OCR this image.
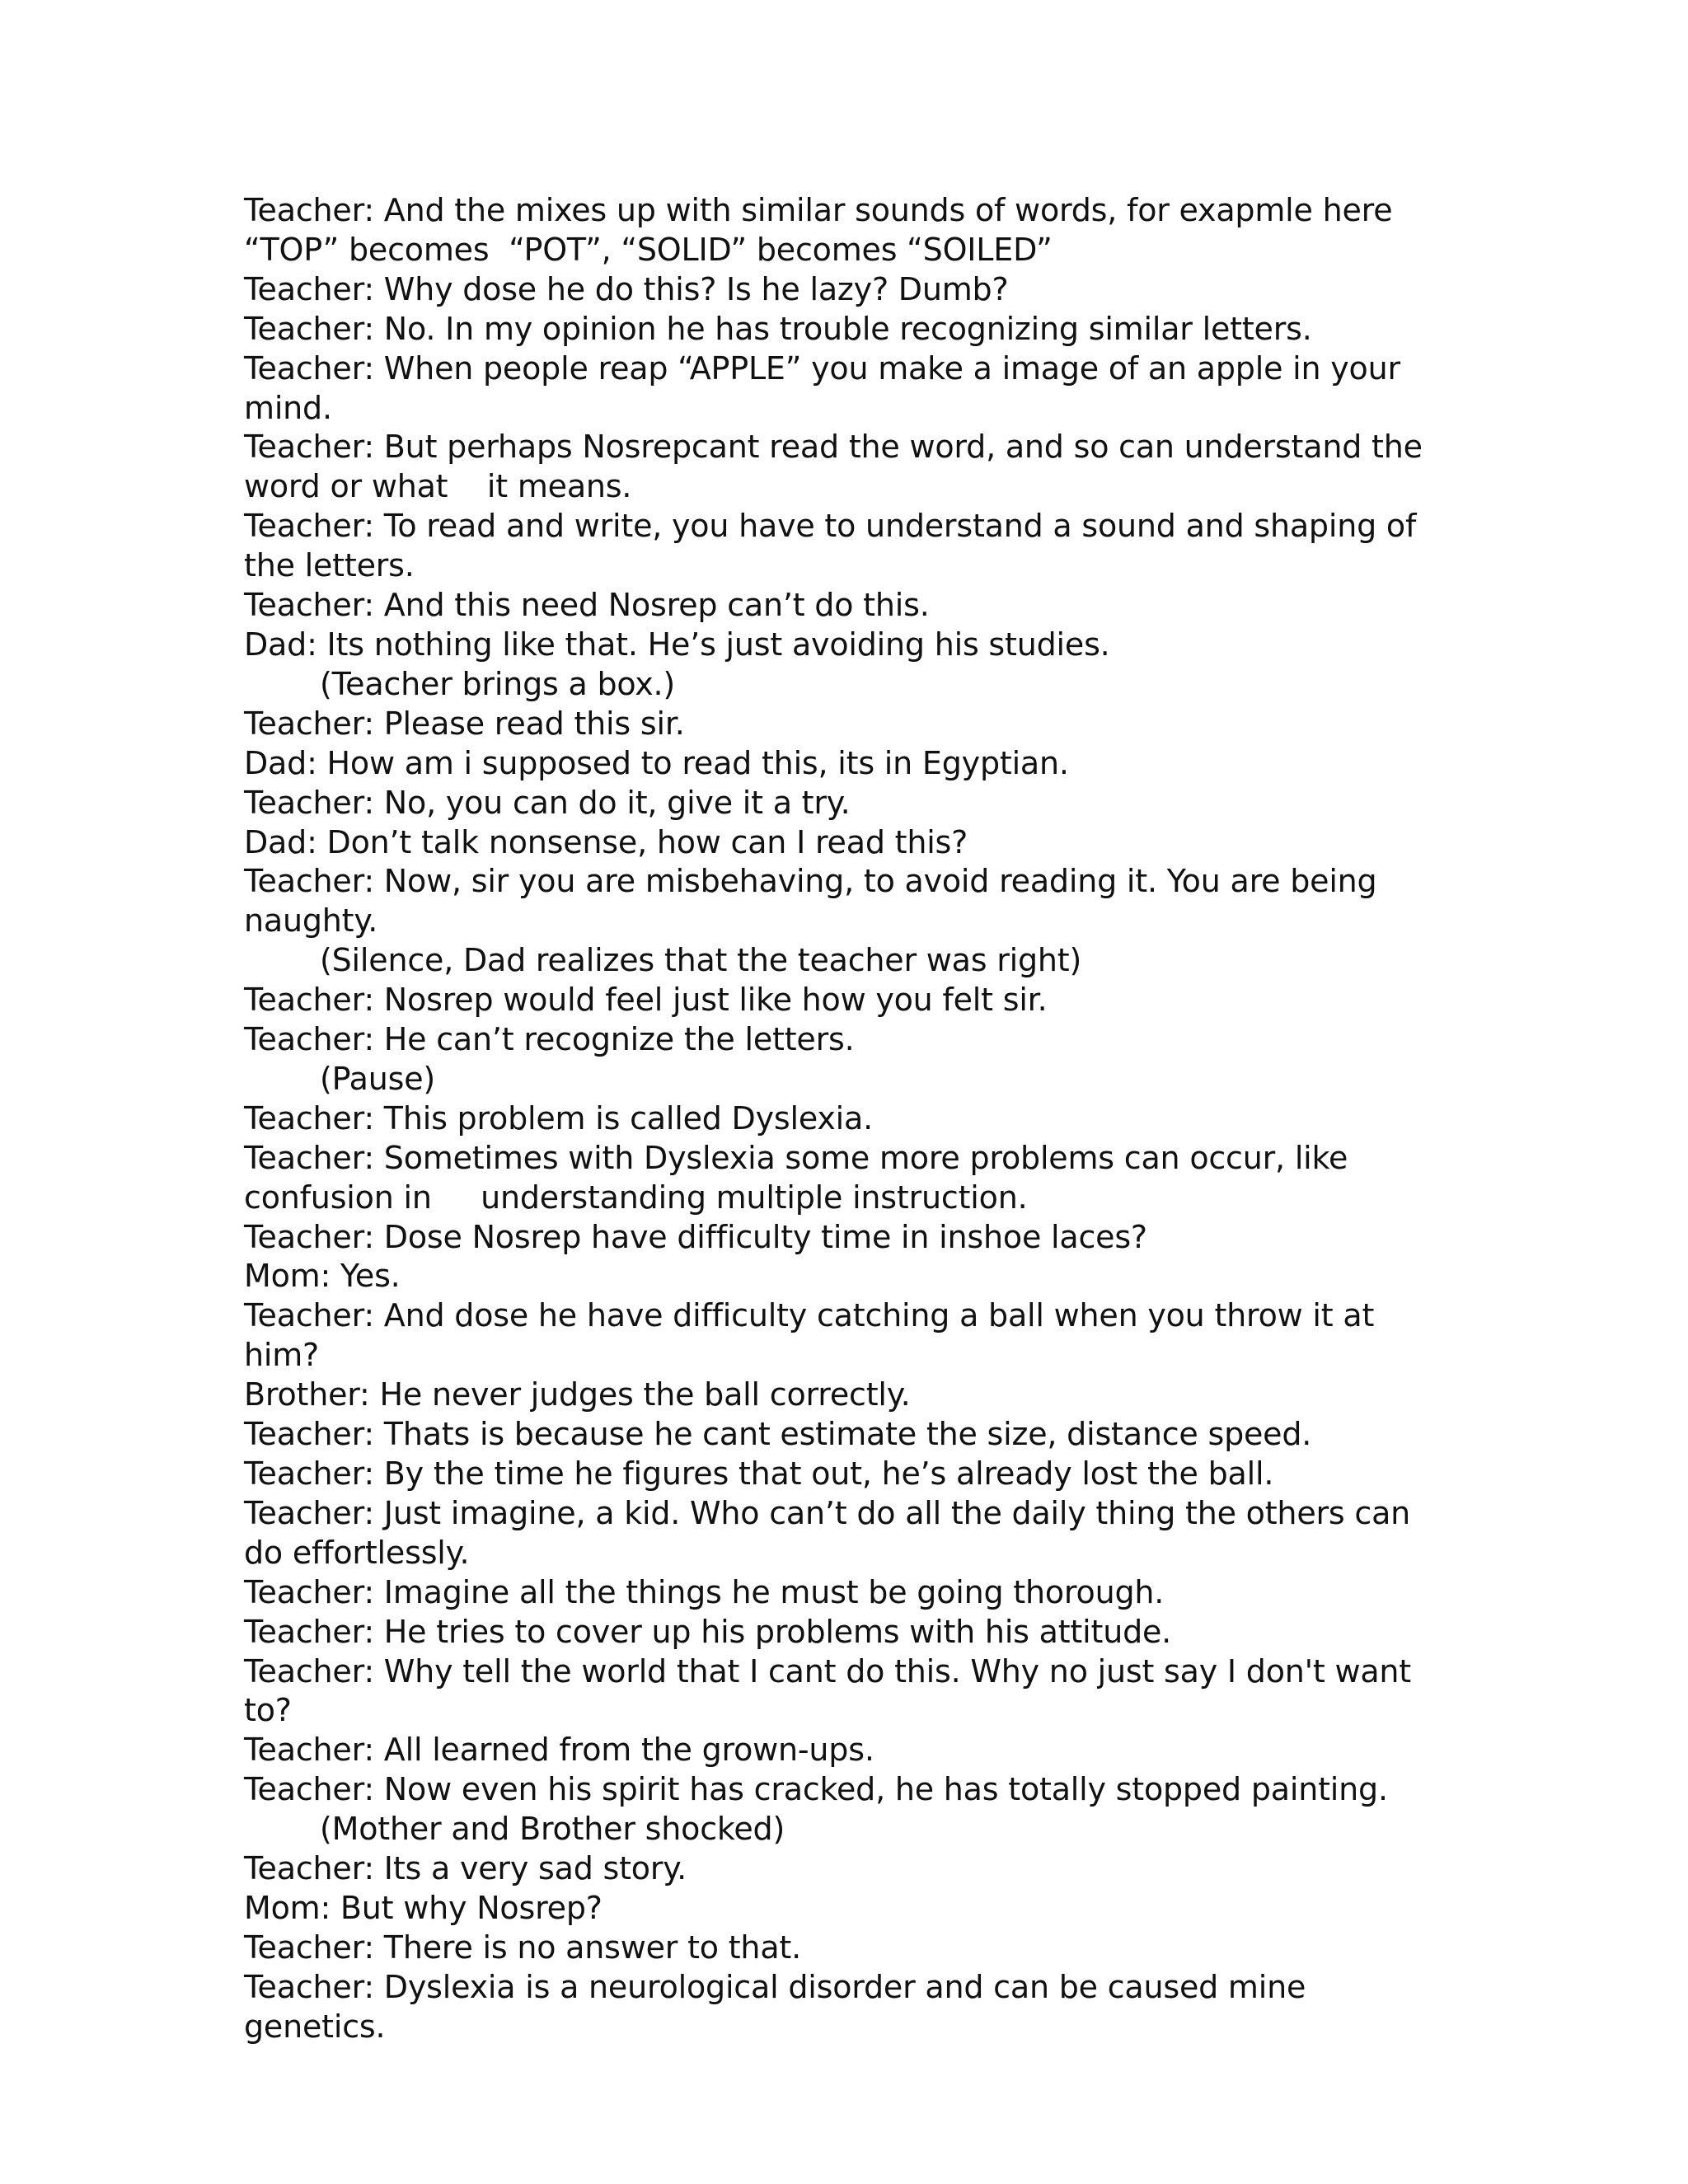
Teacher: And the mixes up with similar sounds of words, for exapmle here “TOP” becomes  “POT”, “SOLID” becomes “SOILED”

Teacher: Why dose he do this? Is he lazy? Dumb?

Teacher: No. In my opinion he has trouble recognizing similar letters.

Teacher: When people reap “APPLE” you make a image of an apple in your mind.

Teacher: But perhaps Nosrepcant read the word, and so can understand the word or what    it means.

Teacher: To read and write, you have to understand a sound and shaping of the letters.

Teacher: And this need Nosrep can’t do this.

Dad: Its nothing like that. He’s just avoiding his studies.

(Teacher brings a box.)

Teacher: Please read this sir.

Dad: How am i supposed to read this, its in Egyptian.

Teacher: No, you can do it, give it a try.

Dad: Don’t talk nonsense, how can I read this?

Teacher: Now, sir you are misbehaving, to avoid reading it. You are being naughty.

(Silence, Dad realizes that the teacher was right)

Teacher: Nosrep would feel just like how you felt sir.

Teacher: He can’t recognize the letters.

(Pause)

Teacher: This problem is called Dyslexia.

Teacher: Sometimes with Dyslexia some more problems can occur, like confusion in     understanding multiple instruction.

Teacher: Dose Nosrep have difficulty time in inshoe laces?

Mom: Yes.

Teacher: And dose he have difficulty catching a ball when you throw it at him?

Brother: He never judges the ball correctly.

Teacher: Thats is because he cant estimate the size, distance speed.

Teacher: By the time he figures that out, he’s already lost the ball.

Teacher: Just imagine, a kid. Who can’t do all the daily thing the others can do effortlessly.

Teacher: Imagine all the things he must be going thorough.

Teacher: He tries to cover up his problems with his attitude.

Teacher: Why tell the world that I cant do this. Why no just say I don't want to?

Teacher: All learned from the grown-ups.

Teacher: Now even his spirit has cracked, he has totally stopped painting.

(Mother and Brother shocked)

Teacher: Its a very sad story.

Mom: But why Nosrep?

Teacher: There is no answer to that.

Teacher: Dyslexia is a neurological disorder and can be caused mine genetics.
